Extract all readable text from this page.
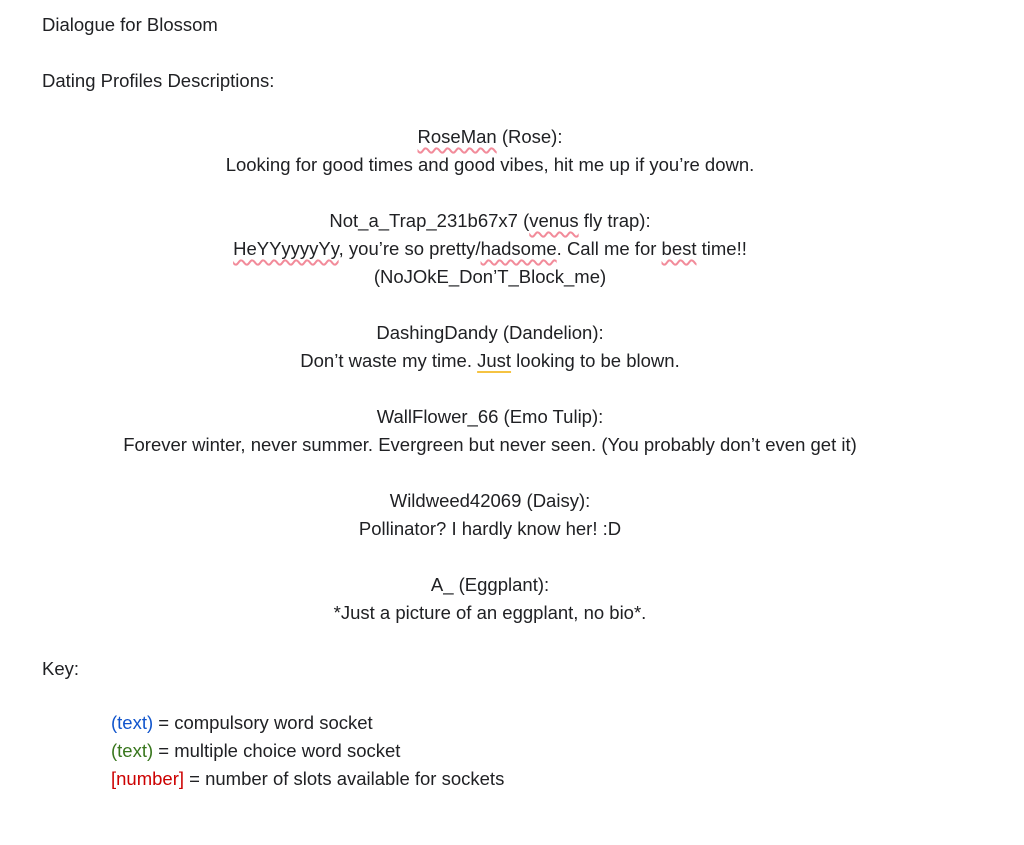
Dialogue for Blossom
Dating Profiles Descriptions:
RoseMan (Rose):
Looking for good times and good vibes, hit me up if you’re down.
Not_a_Trap_231b67x7 (venus fly trap):
HeYYyyyyYy, you’re so pretty/hadsome. Call me for best time!!
(NoJOkE_Don’T_Block_me)
DashingDandy (Dandelion):
Don’t waste my time. Just looking to be blown.
WallFlower_66 (Emo Tulip):
Forever winter, never summer. Evergreen but never seen. (You probably don’t even get it)
Wildweed42069 (Daisy):
Pollinator? I hardly know her! :D
A_ (Eggplant):
*Just a picture of an eggplant, no bio*.
Key:
(text) = compulsory word socket
(text) = multiple choice word socket
[number] = number of slots available for sockets
